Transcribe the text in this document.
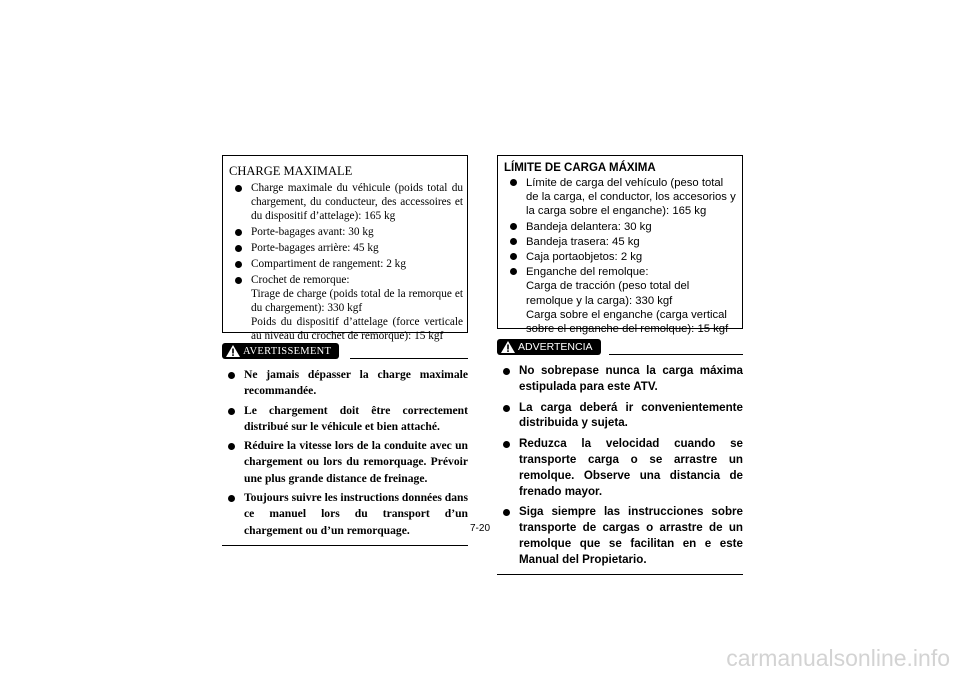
CHARGE MAXIMALE
Charge maximale du véhicule (poids total du chargement, du conducteur, des accessoires et du dispositif d’attelage): 165 kg
Porte-bagages avant: 30 kg
Porte-bagages arrière: 45 kg
Compartiment de rangement: 2 kg
Crochet de remorque:
Tirage de charge (poids total de la remorque et du chargement): 330 kgf
Poids du dispositif d’attelage (force verticale au niveau du crochet de remorque): 15 kgf
AVERTISSEMENT
Ne jamais dépasser la charge maximale recommandée.
Le chargement doit être correctement distribué sur le véhicule et bien attaché.
Réduire la vitesse lors de la conduite avec un chargement ou lors du remorquage. Prévoir une plus grande distance de freinage.
Toujours suivre les instructions données dans ce manuel lors du transport d’un chargement ou d’un remorquage.
LÍMITE DE CARGA MÁXIMA
Límite de carga del vehículo (peso total de la carga, el conductor, los accesorios y la carga sobre el enganche): 165 kg
Bandeja delantera: 30 kg
Bandeja trasera: 45 kg
Caja portaobjetos: 2 kg
Enganche del remolque:
Carga de tracción (peso total del remolque y la carga): 330 kgf
Carga sobre el enganche (carga vertical sobre el enganche del remolque): 15 kgf
ADVERTENCIA
No sobrepase nunca la carga máxima estipulada para este ATV.
La carga deberá ir convenientemente distribuida y sujeta.
Reduzca la velocidad cuando se transporte carga o se arrastre un remolque. Observe una distancia de frenado mayor.
Siga siempre las instrucciones sobre transporte de cargas o arrastre de un remolque que se facilitan en e este Manual del Propietario.
7-20
carmanualsonline.info
